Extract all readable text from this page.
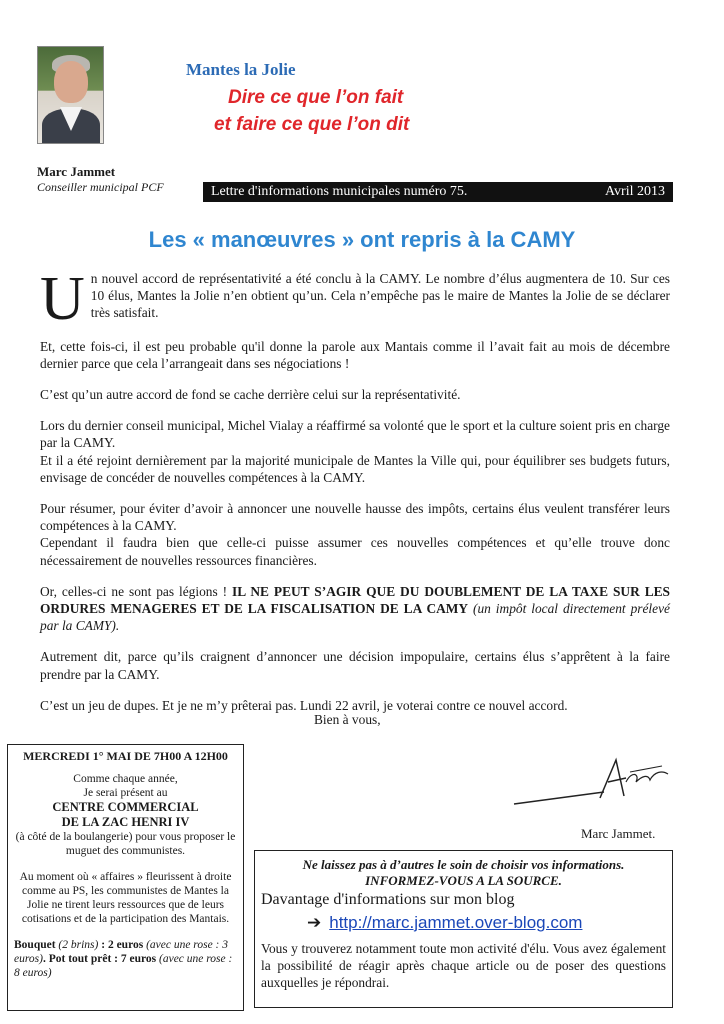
Marc Jammet
Conseiller municipal PCF
Mantes la Jolie
Dire ce que l’on fait
et faire ce que l’on dit
Lettre d'informations municipales numéro 75.	Avril 2013
Les « manœuvres » ont repris à la CAMY

Un nouvel accord de représentativité a été conclu à la CAMY. Le nombre d’élus augmentera de 10. Sur ces 10 élus, Mantes la Jolie n’en obtient qu’un. Cela n’empêche pas le maire de Mantes la Jolie de se déclarer très satisfait.

Et, cette fois-ci, il est peu probable qu'il donne la parole aux Mantais comme il l’avait fait au mois de décembre dernier parce que cela l’arrangeait dans ses négociations !

C’est qu’un autre accord de fond se cache derrière celui sur la représentativité.

Lors du dernier conseil municipal, Michel Vialay a réaffirmé sa volonté que le sport et la culture soient pris en charge par la CAMY.
Et il a été rejoint dernièrement par la majorité municipale de Mantes la Ville qui, pour équilibrer ses budgets futurs, envisage de concéder de nouvelles compétences à la CAMY.

Pour résumer, pour éviter d’avoir à annoncer une nouvelle hausse des impôts, certains élus veulent transférer leurs compétences à la CAMY.
Cependant il faudra bien que celle-ci puisse assumer ces nouvelles compétences et qu’elle trouve donc nécessairement de nouvelles ressources financières.

Or, celles-ci ne sont pas légions ! IL NE PEUT S’AGIR QUE DU DOUBLEMENT DE LA TAXE SUR LES ORDURES MENAGERES ET DE LA FISCALISATION DE LA CAMY (un impôt local directement prélevé par la CAMY).

Autrement dit, parce qu’ils craignent d’annoncer une décision impopulaire, certains élus s’apprêtent à la faire prendre par la CAMY.

C’est un jeu de dupes. Et je ne m’y prêterai pas. Lundi 22 avril, je voterai contre ce nouvel accord.

Bien à vous,
MERCREDI 1° MAI DE 7H00 A 12H00
Comme chaque année,
Je serai présent au
CENTRE COMMERCIAL
DE LA ZAC HENRI IV
(à côté de la boulangerie) pour vous proposer le muguet des communistes.
Au moment où « affaires » fleurissent à droite comme au PS, les communistes de Mantes la Jolie ne tirent leurs ressources que de leurs cotisations et de la participation des Mantais.
Bouquet (2 brins) : 2 euros (avec une rose : 3 euros). Pot tout prêt : 7 euros (avec une rose : 8 euros)
Marc Jammet.
Ne laissez pas à d’autres le soin de choisir vos informations.
INFORMEZ-VOUS A LA SOURCE.
Davantage d'informations sur mon blog
➔ http://marc.jammet.over-blog.com
Vous y trouverez notamment toute mon activité d'élu. Vous avez également la possibilité de réagir après chaque article ou de poser des questions auxquelles je répondrai.
